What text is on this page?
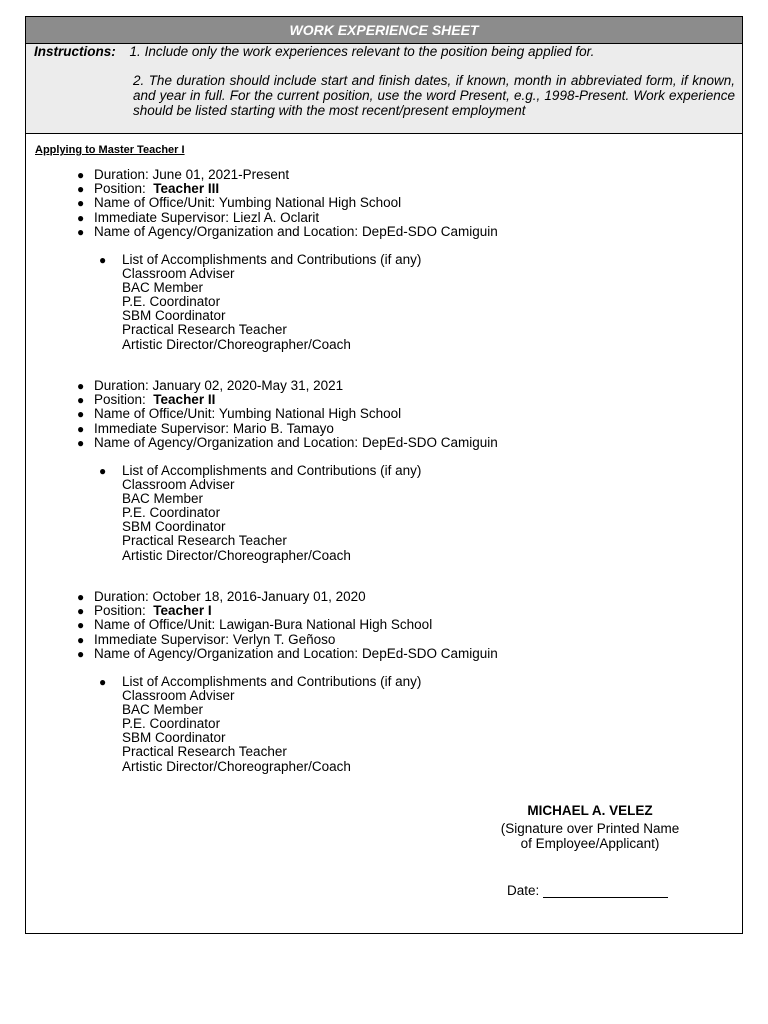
WORK EXPERIENCE SHEET
Instructions: 1. Include only the work experiences relevant to the position being applied for.
2. The duration should include start and finish dates, if known, month in abbreviated form, if known, and year in full. For the current position, use the word Present, e.g., 1998-Present. Work experience should be listed starting with the most recent/present employment
Applying to Master Teacher I
● Duration: June 01, 2021-Present
● Position: Teacher III
● Name of Office/Unit: Yumbing National High School
● Immediate Supervisor: Liezl A. Oclarit
● Name of Agency/Organization and Location: DepEd-SDO Camiguin
● List of Accomplishments and Contributions (if any)
Classroom Adviser
BAC Member
P.E. Coordinator
SBM Coordinator
Practical Research Teacher
Artistic Director/Choreographer/Coach
● Duration: January 02, 2020-May 31, 2021
● Position: Teacher II
● Name of Office/Unit: Yumbing National High School
● Immediate Supervisor: Mario B. Tamayo
● Name of Agency/Organization and Location: DepEd-SDO Camiguin
● List of Accomplishments and Contributions (if any)
Classroom Adviser
BAC Member
P.E. Coordinator
SBM Coordinator
Practical Research Teacher
Artistic Director/Choreographer/Coach
● Duration: October 18, 2016-January 01, 2020
● Position: Teacher I
● Name of Office/Unit: Lawigan-Bura National High School
● Immediate Supervisor: Verlyn T. Geñoso
● Name of Agency/Organization and Location: DepEd-SDO Camiguin
● List of Accomplishments and Contributions (if any)
Classroom Adviser
BAC Member
P.E. Coordinator
SBM Coordinator
Practical Research Teacher
Artistic Director/Choreographer/Coach
MICHAEL A. VELEZ
(Signature over Printed Name
of Employee/Applicant)
Date:
